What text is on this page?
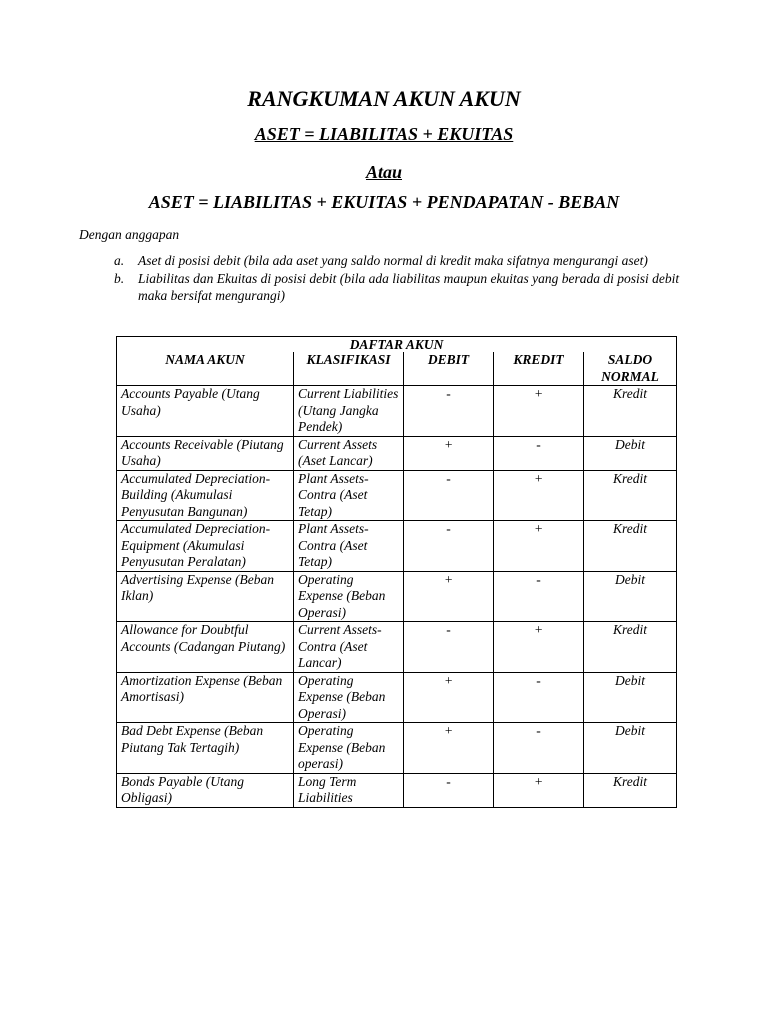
RANGKUMAN AKUN AKUN
ASET = LIABILITAS + EKUITAS
Atau
ASET = LIABILITAS + EKUITAS + PENDAPATAN - BEBAN
Dengan anggapan
a. Aset di posisi debit (bila ada aset yang saldo normal di kredit maka sifatnya mengurangi aset)
b. Liabilitas dan Ekuitas di posisi debit (bila ada liabilitas maupun ekuitas yang berada di posisi debit maka bersifat mengurangi)
DAFTAR AKUN				
NAMA AKUN	KLASIFIKASI	DEBIT	KREDIT	SALDO NORMAL
Accounts Payable (Utang Usaha)	Current Liabilities (Utang Jangka Pendek)	-	+	Kredit
Accounts Receivable (Piutang Usaha)	Current Assets (Aset Lancar)	+	-	Debit
Accumulated Depreciation-Building (Akumulasi Penyusutan Bangunan)	Plant Assets-Contra (Aset Tetap)	-	+	Kredit
Accumulated Depreciation-Equipment (Akumulasi Penyusutan Peralatan)	Plant Assets-Contra (Aset Tetap)	-	+	Kredit
Advertising Expense (Beban Iklan)	Operating Expense (Beban Operasi)	+	-	Debit
Allowance for Doubtful Accounts (Cadangan Piutang)	Current Assets-Contra (Aset Lancar)	-	+	Kredit
Amortization Expense (Beban Amortisasi)	Operating Expense (Beban Operasi)	+	-	Debit
Bad Debt Expense (Beban Piutang Tak Tertagih)	Operating Expense (Beban operasi)	+	-	Debit
Bonds Payable (Utang Obligasi)	Long Term Liabilities	-	+	Kredit
